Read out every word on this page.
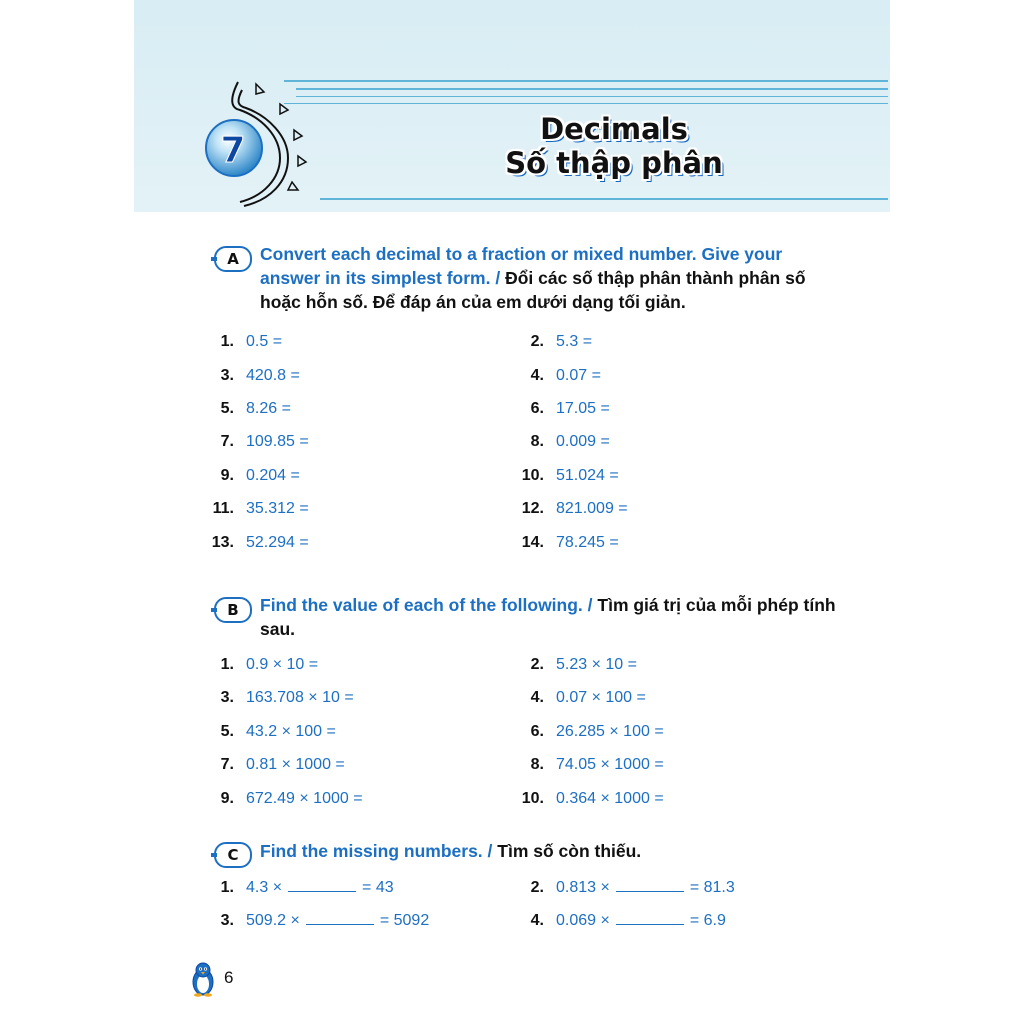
7
Decimals
Số thập phân
A	Convert each decimal to a fraction or mixed number. Give your answer in its simplest form. / Đổi các số thập phân thành phân số hoặc hỗn số. Để đáp án của em dưới dạng tối giản.
1. 0.5 =	2. 5.3 =
3. 420.8 =	4. 0.07 =
5. 8.26 =	6. 17.05 =
7. 109.85 =	8. 0.009 =
9. 0.204 =	10. 51.024 =
11. 35.312 =	12. 821.009 =
13. 52.294 =	14. 78.245 =
B	Find the value of each of the following. / Tìm giá trị của mỗi phép tính sau.
1. 0.9 × 10 =	2. 5.23 × 10 =
3. 163.708 × 10 =	4. 0.07 × 100 =
5. 43.2 × 100 =	6. 26.285 × 100 =
7. 0.81 × 1000 =	8. 74.05 × 1000 =
9. 672.49 × 1000 =	10. 0.364 × 1000 =
C	Find the missing numbers. / Tìm số còn thiếu.
1. 4.3 ×	= 43	2. 0.813 ×	= 81.3
3. 509.2 ×	= 5092	4. 0.069 ×	= 6.9
6
